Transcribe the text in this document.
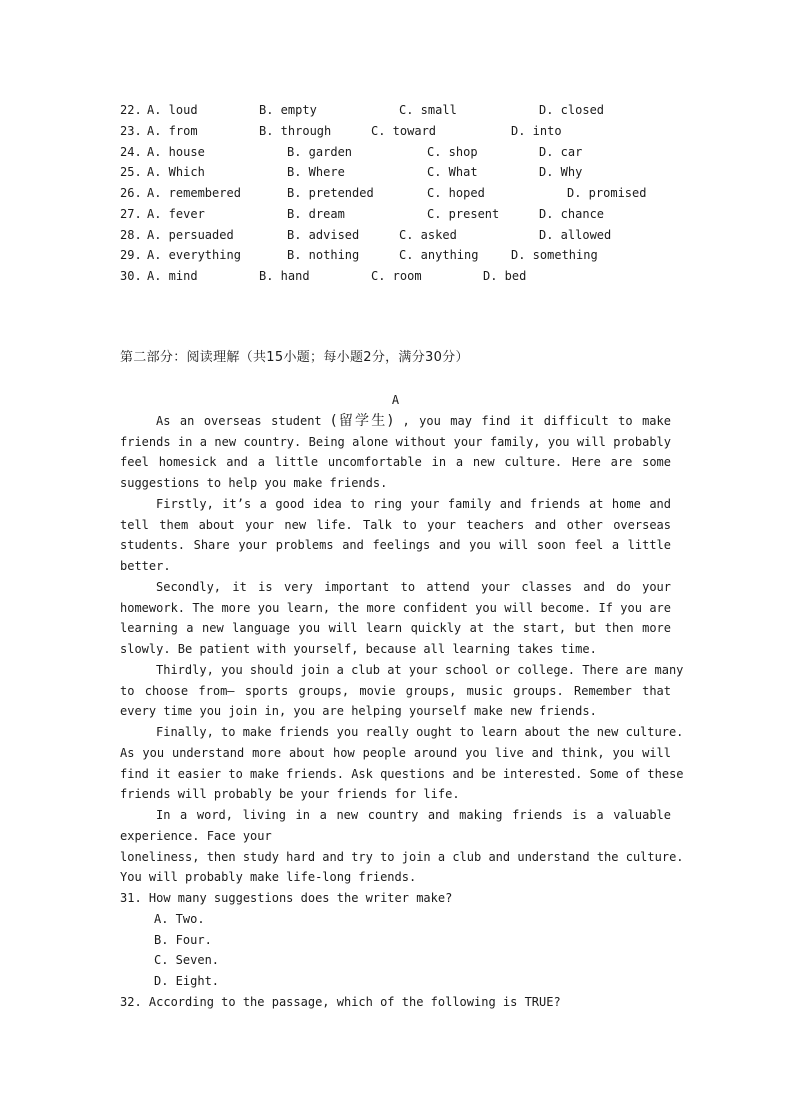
22. A. loud	B. empty	C. small	D. closed
23. A. from	B. through	C. toward	D. into
24. A. house	B. garden	C. shop	D. car
25. A. Which	B. Where	C. What	D. Why
26. A. remembered	B. pretended	C. hoped	D. promised
27. A. fever	B. dream	C. present	D. chance
28. A. persuaded	B. advised	C. asked	D. allowed
29. A. everything	B. nothing	C. anything	D. something
30. A. mind	B. hand	C. room	D. bed
第二部分：阅读理解（共15小题；每小题2分，满分30分）
A
As an overseas student (留学生) , you may find it difficult to make
friends in a new country. Being alone without your family, you will probably
feel homesick and a little uncomfortable in a new culture. Here are some
suggestions to help you make friends.
Firstly, it’s a good idea to ring your family and friends at home and
tell them about your new life. Talk to your teachers and other overseas
students. Share your problems and feelings and you will soon feel a little
better.
Secondly, it is very important to attend your classes and do your
homework. The more you learn, the more confident you will become. If you are
learning a new language you will learn quickly at the start, but then more
slowly. Be patient with yourself, because all learning takes time.
Thirdly, you should join a club at your school or college. There are many
to choose from— sports groups, movie groups, music groups. Remember that
every time you join in, you are helping yourself make new friends.
Finally, to make friends you really ought to learn about the new culture.
As you understand more about how people around you live and think, you will
find it easier to make friends. Ask questions and be interested. Some of these
friends will probably be your friends for life.
In a word, living in a new country and making friends is a valuable
experience. Face your
loneliness, then study hard and try to join a club and understand the culture.
You will probably make life-long friends.
31. How many suggestions does the writer make?
A. Two.
B. Four.
C. Seven.
D. Eight.
32. According to the passage, which of the following is TRUE?
